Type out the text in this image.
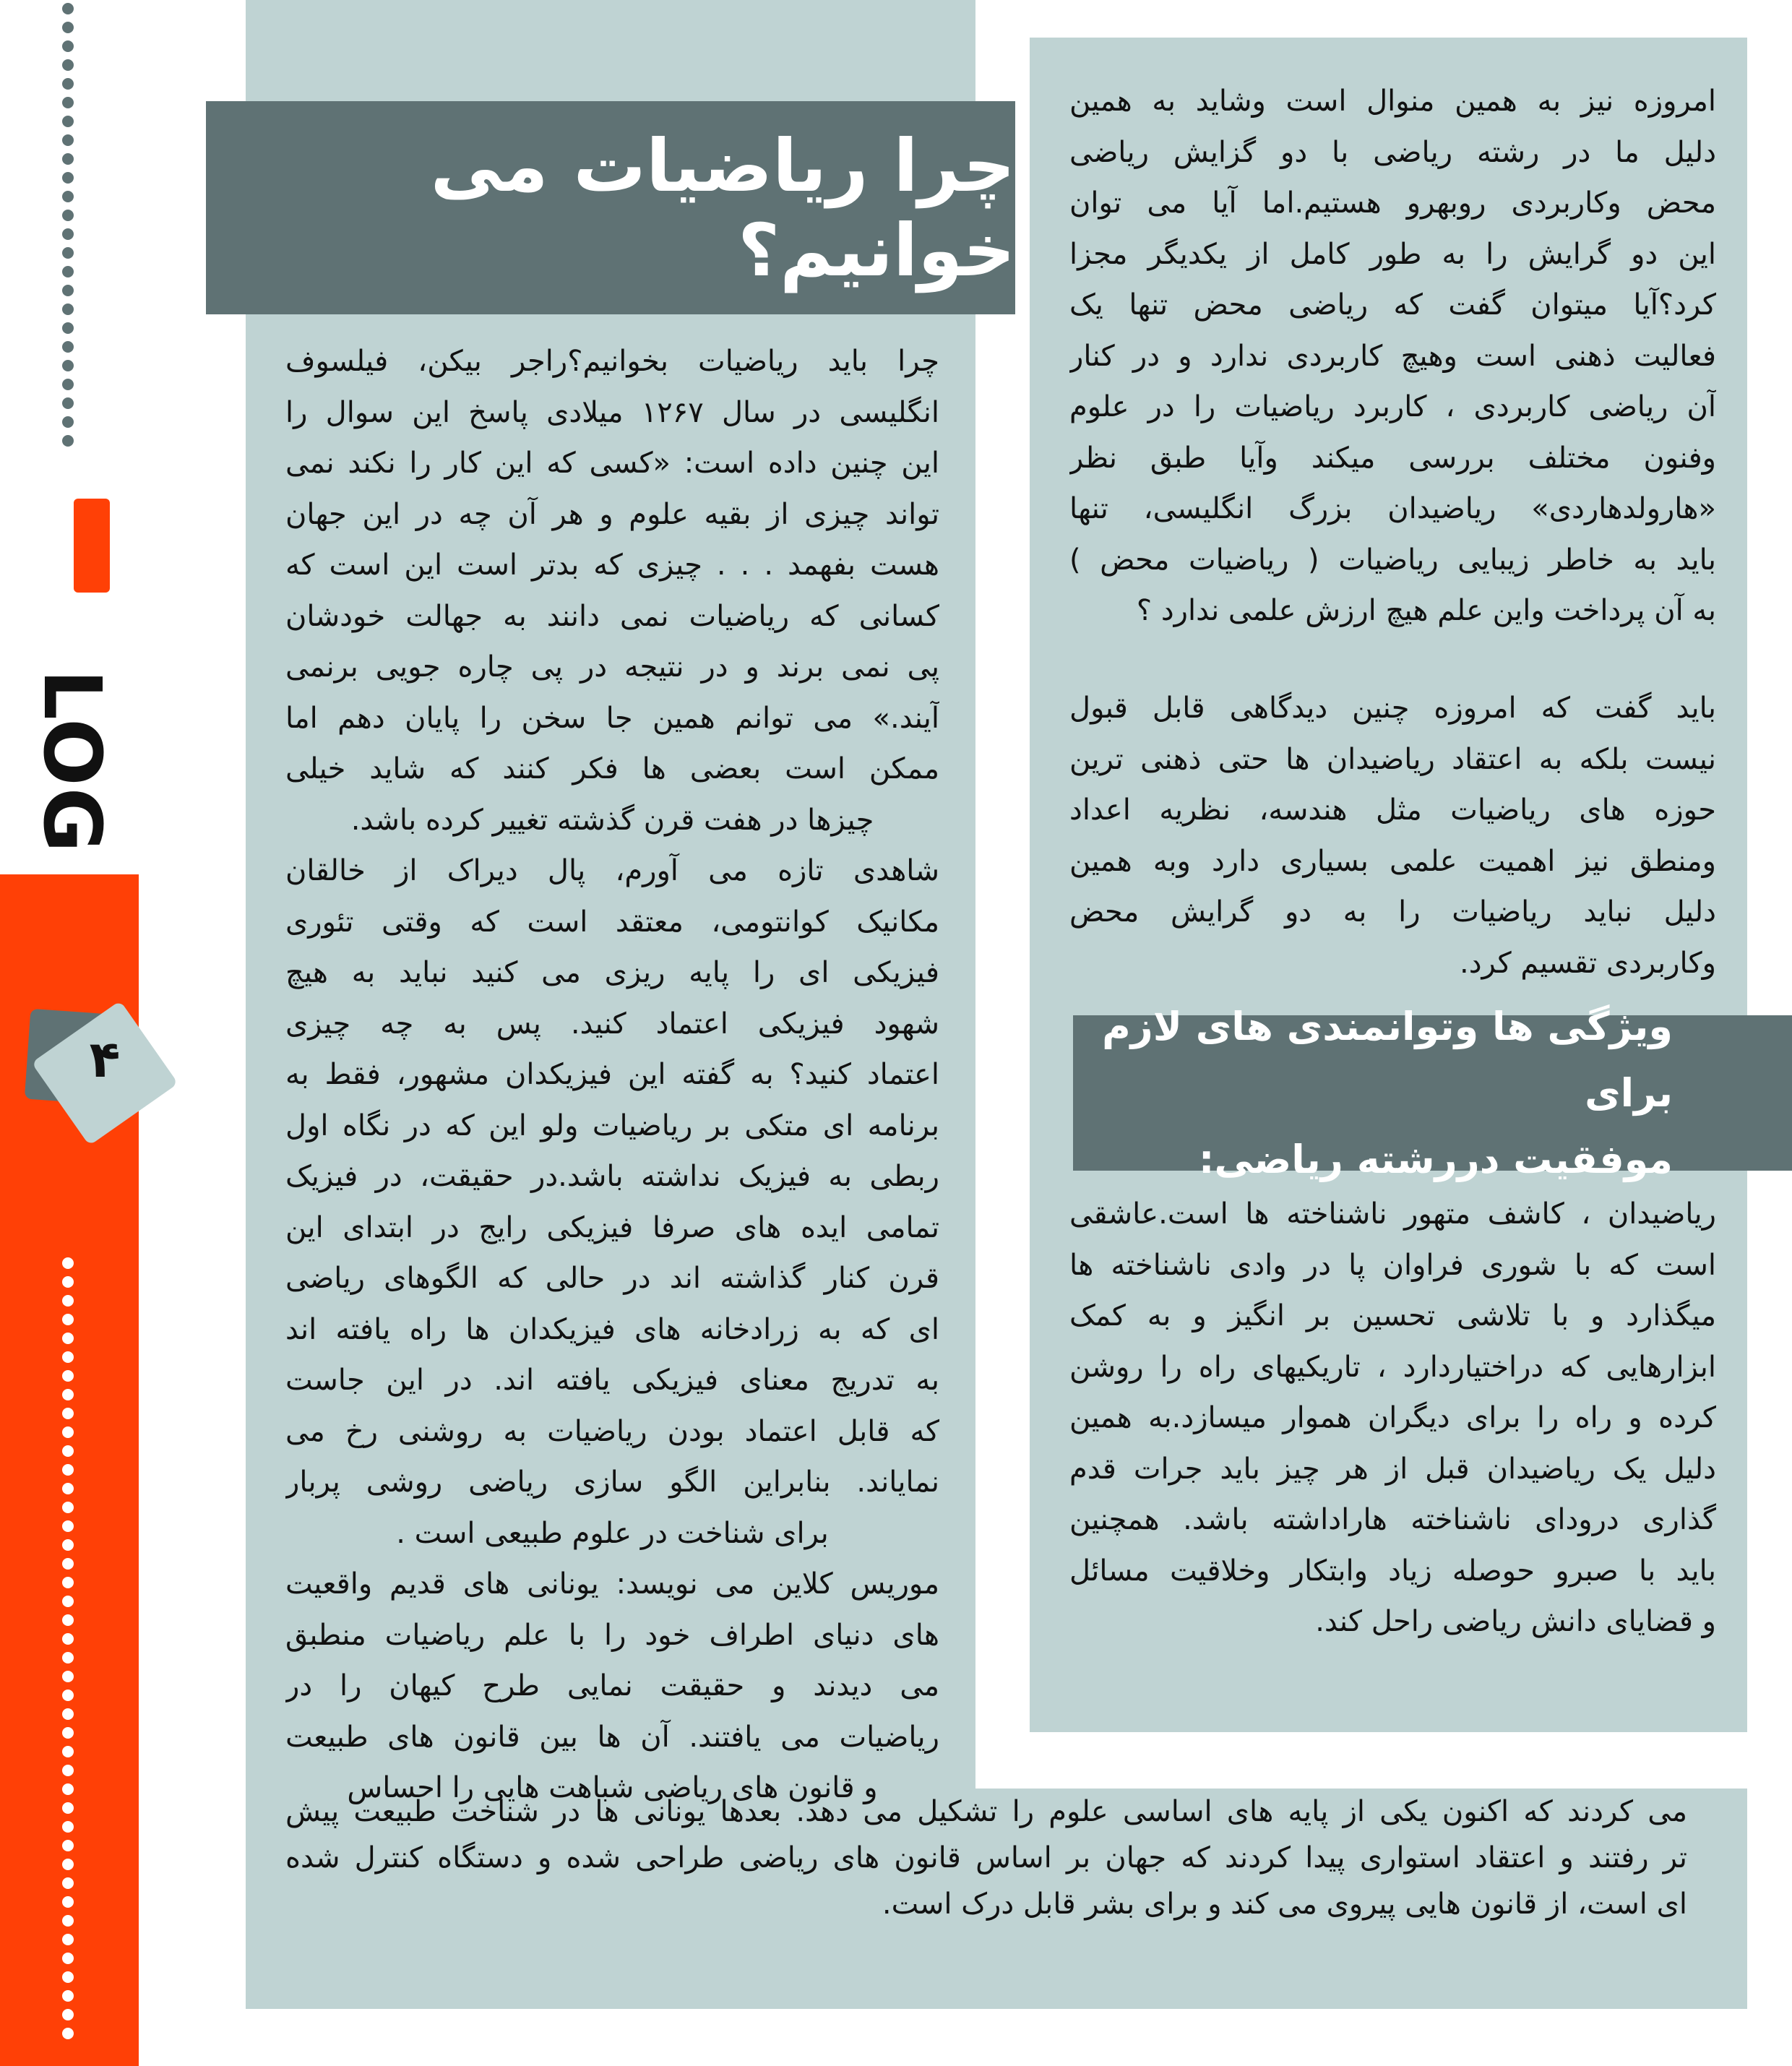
LOG
۴
چرا ریاضیات می خوانیم؟
چرا باید ریاضیات بخوانیم؟راجر بیکن، فیلسوف
انگلیسی در سال ۱۲۶۷ میلادی پاسخ این سوال را
این چنین داده است: «کسی که این کار را نکند نمی
تواند چیزی از بقیه علوم و هر آن چه در این جهان
هست بفهمد . . . چیزی که بدتر است این است که
کسانی که ریاضیات نمی دانند به جهالت خودشان
پی نمی برند و در نتیجه در پی چاره جویی برنمی
آیند.» می توانم همین جا سخن را پایان دهم اما
ممکن است بعضی ها فکر کنند که شاید خیلی
چیزها در هفت قرن گذشته تغییر کرده باشد.
شاهدی تازه می آورم، پال دیراک از خالقان
مکانیک کوانتومی، معتقد است که وقتی تئوری
فیزیکی ای را پایه ریزی می کنید نباید به هیچ
شهود فیزیکی اعتماد کنید. پس به چه چیزی
اعتماد کنید؟ به گفته این فیزیکدان مشهور، فقط به
برنامه ای متکی بر ریاضیات ولو این که در نگاه اول
ربطی به فیزیک نداشته باشد.در حقیقت، در فیزیک
تمامی ایده های صرفا فیزیکی رایج در ابتدای این
قرن کنار گذاشته اند در حالی که الگوهای ریاضی
ای که به زرادخانه های فیزیکدان ها راه یافته اند
به تدریج معنای فیزیکی یافته اند. در این جاست
که قابل اعتماد بودن ریاضیات به روشنی رخ می
نمایاند. بنابراین الگو سازی ریاضی روشی پربار
برای شناخت در علوم طبیعی است .
موریس کلاین می نویسد: یونانی های قدیم واقعیت
های دنیای اطراف خود را با علم ریاضیات منطبق
می دیدند و حقیقت نمایی طرح کیهان را در
ریاضیات می یافتند. آن ها بین قانون های طبیعت
و قانون های ریاضی شباهت هایی را احساس
امروزه نیز به همین منوال است وشاید به همین
دلیل ما در رشته ریاضی با دو گزایش ریاضی
محض وکاربردی روبهرو هستیم.اما آیا می توان
این دو گرایش را به طور کامل از یکدیگر مجزا
کرد؟آیا میتوان گفت که ریاضی محض تنها یک
فعالیت ذهنی است وهیچ کاربردی ندارد و در کنار
آن ریاضی کاربردی ، کاربرد ریاضیات را در علوم
وفنون مختلف بررسی میکند وآیا طبق نظر
«هارولدهاردی» ریاضیدان بزرگ انگلیسی، تنها
باید به خاطر زیبایی ریاضیات ( ریاضیات محض )
به آن پرداخت واین علم هیچ ارزش علمی ندارد ؟
باید گفت که امروزه چنین دیدگاهی قابل قبول
نیست بلکه به اعتقاد ریاضیدان ها حتی ذهنی ترین
حوزه های ریاضیات مثل هندسه، نظریه اعداد
ومنطق نیز اهمیت علمی بسیاری دارد وبه همین
دلیل نباید ریاضیات را به دو گرایش محض
وکاربردی تقسیم کرد.
ویژگی ها وتوانمندی های لازم برای
موفقیت دررشته ریاضی:
ریاضیدان ، کاشف متهور ناشناخته ها است.عاشقی
است که با شوری فراوان پا در وادی ناشناخته ها
میگذارد و با تلاشی تحسین بر انگیز و به کمک
ابزارهایی که دراختیاردارد ، تاریکیهای راه را روشن
کرده و راه را برای دیگران هموار میسازد.به همین
دلیل یک ریاضیدان قبل از هر چیز باید جرات قدم
گذاری درودای ناشناخته هاراداشته باشد. همچنین
باید با صبرو حوصله زیاد وابتکار وخلاقیت مسائل
و قضایای دانش ریاضی راحل کند.
می کردند که اکنون یکی از پایه های اساسی علوم را تشکیل می دهد. بعدها یونانی ها در شناخت طبیعت پیش
تر رفتند و اعتقاد استواری پیدا کردند که جهان بر اساس قانون های ریاضی طراحی شده و دستگاه کنترل شده
ای است، از قانون هایی پیروی می کند و برای بشر قابل درک است.
